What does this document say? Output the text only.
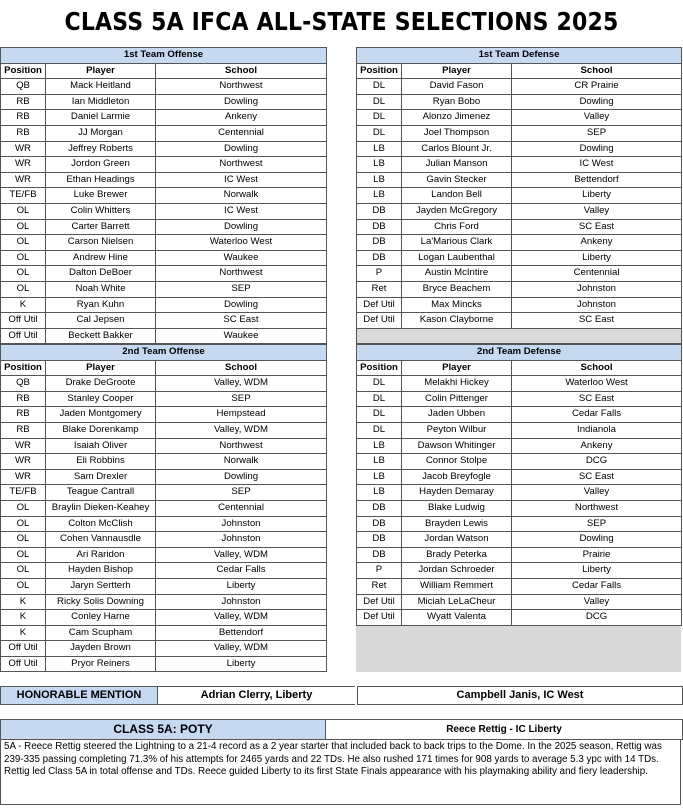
CLASS 5A IFCA ALL-STATE SELECTIONS 2025
1st Team Offense		
Position	Player	School
QB	Mack Heitland	Northwest
RB	Ian Middleton	Dowling
RB	Daniel Larmie	Ankeny
RB	JJ Morgan	Centennial
WR	Jeffrey Roberts	Dowling
WR	Jordon Green	Northwest
WR	Ethan Headings	IC West
TE/FB	Luke Brewer	Norwalk
OL	Colin Whitters	IC West
OL	Carter Barrett	Dowling
OL	Carson Nielsen	Waterloo West
OL	Andrew Hine	Waukee
OL	Dalton DeBoer	Northwest
OL	Noah White	SEP
K	Ryan Kuhn	Dowling
Off Util	Cal Jepsen	SC East
Off Util	Beckett Bakker	Waukee
1st Team Defense		
Position	Player	School
DL	David Fason	CR Prairie
DL	Ryan Bobo	Dowling
DL	Alonzo Jimenez	Valley
DL	Joel Thompson	SEP
LB	Carlos Blount Jr.	Dowling
LB	Julian Manson	IC West
LB	Gavin Stecker	Bettendorf
LB	Landon Bell	Liberty
DB	Jayden McGregory	Valley
DB	Chris Ford	SC East
DB	La'Marious Clark	Ankeny
DB	Logan Laubenthal	Liberty
P	Austin McIntire	Centennial
Ret	Bryce Beachem	Johnston
Def Util	Max Mincks	Johnston
Def Util	Kason Clayborne	SC East

2nd Team Offense		
Position	Player	School
QB	Drake DeGroote	Valley, WDM
RB	Stanley Cooper	SEP
RB	Jaden Montgomery	Hempstead
RB	Blake Dorenkamp	Valley, WDM
WR	Isaiah Oliver	Northwest
WR	Eli Robbins	Norwalk
WR	Sam Drexler	Dowling
TE/FB	Teague Cantrall	SEP
OL	Braylin Dieken-Keahey	Centennial
OL	Colton McClish	Johnston
OL	Cohen Vannausdle	Johnston
OL	Ari Raridon	Valley, WDM
OL	Hayden Bishop	Cedar Falls
OL	Jaryn Sertterh	Liberty
K	Ricky Solis Downing	Johnston
K	Conley Harne	Valley, WDM
K	Cam Scupham	Bettendorf
Off Util	Jayden Brown	Valley, WDM
Off Util	Pryor Reiners	Liberty
2nd Team Defense		
Position	Player	School
DL	Melakhi Hickey	Waterloo West
DL	Colin Pittenger	SC East
DL	Jaden Ubben	Cedar Falls
DL	Peyton Wilbur	Indianola
LB	Dawson Whitinger	Ankeny
LB	Connor Stolpe	DCG
LB	Jacob Breyfogle	SC East
LB	Hayden Demaray	Valley
DB	Blake Ludwig	Northwest
DB	Brayden Lewis	SEP
DB	Jordan Watson	Dowling
DB	Brady Peterka	Prairie
P	Jordan Schroeder	Liberty
Ret	William Remmert	Cedar Falls
Def Util	Miciah LeLaCheur	Valley
Def Util	Wyatt Valenta	DCG
HONORABLE MENTION	Adrian Clerry, Liberty	Campbell Janis, IC West
CLASS 5A: POTY	Reece Rettig - IC Liberty
5A - Reece Rettig steered the Lightning to a 21-4 record as a 2 year starter that included back to back trips to the Dome. In the 2025 season, Rettig was 239-335 passing completing 71.3% of his attempts for 2465 yards and 22 TDs. He also rushed 171 times for 908 yards to average 5.3 ypc with 14 TDs. Rettig led Class 5A in total offense and TDs. Reece guided Liberty to its first State Finals appearance with his playmaking ability and fiery leadership.
